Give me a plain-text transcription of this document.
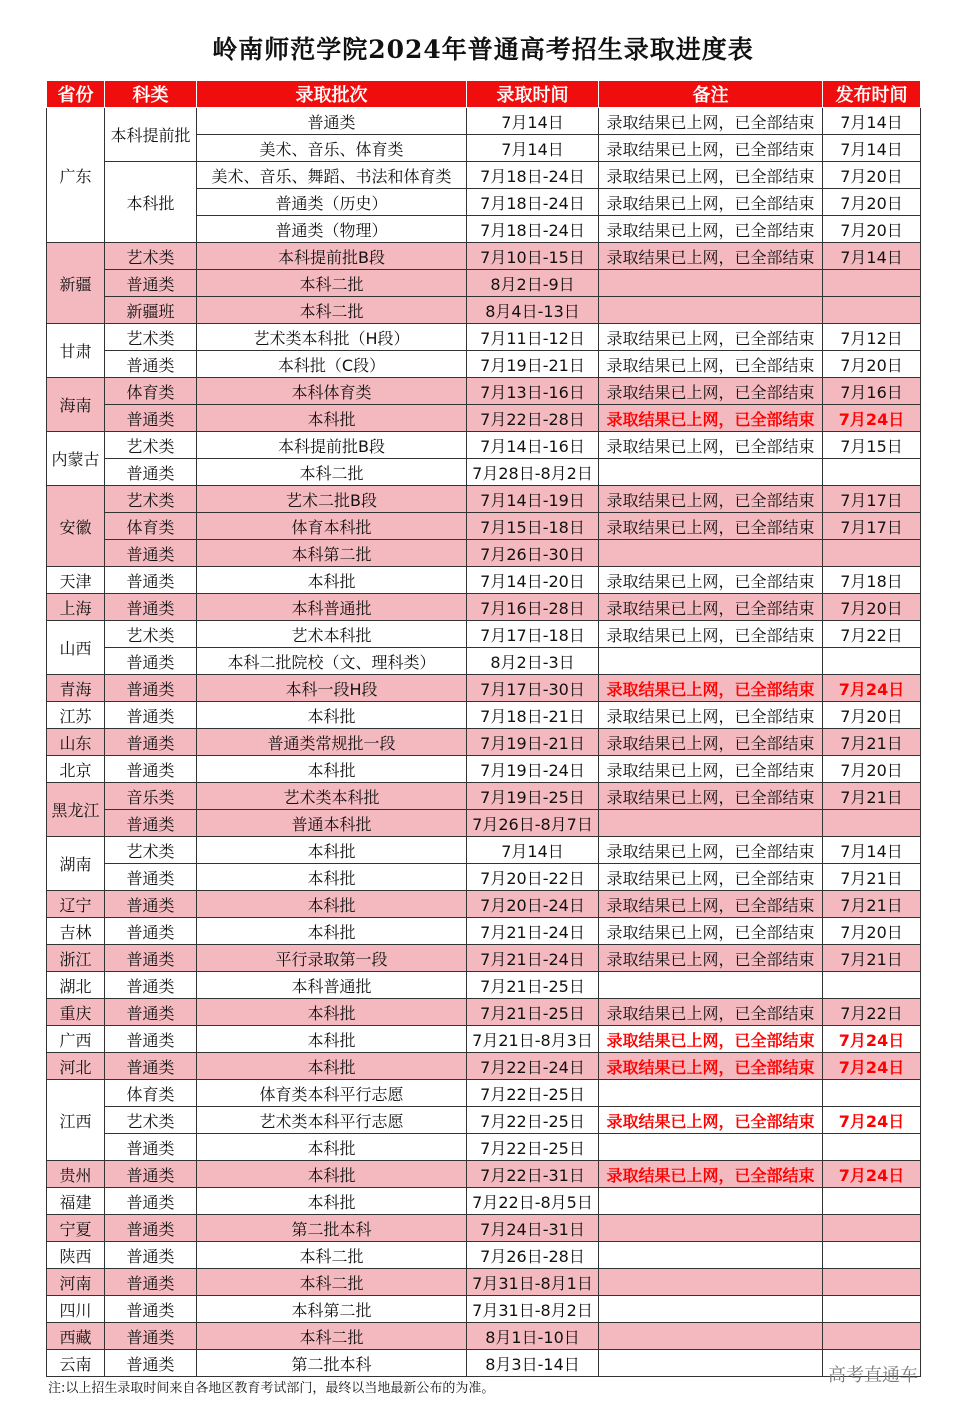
岭南师范学院2024年普通高考招生录取进度表
省份	科类	录取批次	录取时间	备注	发布时间
广东	本科提前批	普通类	7月14日	录取结果已上网，已全部结束	7月14日
		美术、音乐、体育类	7月14日	录取结果已上网，已全部结束	7月14日
	本科批	美术、音乐、舞蹈、书法和体育类	7月18日-24日	录取结果已上网，已全部结束	7月20日
		普通类（历史）	7月18日-24日	录取结果已上网，已全部结束	7月20日
		普通类（物理）	7月18日-24日	录取结果已上网，已全部结束	7月20日
新疆	艺术类	本科提前批B段	7月10日-15日	录取结果已上网，已全部结束	7月14日
	普通类	本科二批	8月2日-9日		
	新疆班	本科二批	8月4日-13日		
甘肃	艺术类	艺术类本科批（H段）	7月11日-12日	录取结果已上网，已全部结束	7月12日
	普通类	本科批（C段）	7月19日-21日	录取结果已上网，已全部结束	7月20日
海南	体育类	本科体育类	7月13日-16日	录取结果已上网，已全部结束	7月16日
	普通类	本科批	7月22日-28日	录取结果已上网，已全部结束	7月24日
内蒙古	艺术类	本科提前批B段	7月14日-16日	录取结果已上网，已全部结束	7月15日
	普通类	本科二批	7月28日-8月2日		
安徽	艺术类	艺术二批B段	7月14日-19日	录取结果已上网，已全部结束	7月17日
	体育类	体育本科批	7月15日-18日	录取结果已上网，已全部结束	7月17日
	普通类	本科第二批	7月26日-30日		
天津	普通类	本科批	7月14日-20日	录取结果已上网，已全部结束	7月18日
上海	普通类	本科普通批	7月16日-28日	录取结果已上网，已全部结束	7月20日
山西	艺术类	艺术本科批	7月17日-18日	录取结果已上网，已全部结束	7月22日
	普通类	本科二批院校（文、理科类）	8月2日-3日		
青海	普通类	本科一段H段	7月17日-30日	录取结果已上网，已全部结束	7月24日
江苏	普通类	本科批	7月18日-21日	录取结果已上网，已全部结束	7月20日
山东	普通类	普通类常规批一段	7月19日-21日	录取结果已上网，已全部结束	7月21日
北京	普通类	本科批	7月19日-24日	录取结果已上网，已全部结束	7月20日
黑龙江	音乐类	艺术类本科批	7月19日-25日	录取结果已上网，已全部结束	7月21日
	普通类	普通本科批	7月26日-8月7日		
湖南	艺术类	本科批	7月14日	录取结果已上网，已全部结束	7月14日
	普通类	本科批	7月20日-22日	录取结果已上网，已全部结束	7月21日
辽宁	普通类	本科批	7月20日-24日	录取结果已上网，已全部结束	7月21日
吉林	普通类	本科批	7月21日-24日	录取结果已上网，已全部结束	7月20日
浙江	普通类	平行录取第一段	7月21日-24日	录取结果已上网，已全部结束	7月21日
湖北	普通类	本科普通批	7月21日-25日		
重庆	普通类	本科批	7月21日-25日	录取结果已上网，已全部结束	7月22日
广西	普通类	本科批	7月21日-8月3日	录取结果已上网，已全部结束	7月24日
河北	普通类	本科批	7月22日-24日	录取结果已上网，已全部结束	7月24日
江西	体育类	体育类本科平行志愿	7月22日-25日		
	艺术类	艺术类本科平行志愿	7月22日-25日	录取结果已上网，已全部结束	7月24日
	普通类	本科批	7月22日-25日		
贵州	普通类	本科批	7月22日-31日	录取结果已上网，已全部结束	7月24日
福建	普通类	本科批	7月22日-8月5日		
宁夏	普通类	第二批本科	7月24日-31日		
陕西	普通类	本科二批	7月26日-28日		
河南	普通类	本科二批	7月31日-8月1日		
四川	普通类	本科第二批	7月31日-8月2日		
西藏	普通类	本科二批	8月1日-10日		
云南	普通类	第二批本科	8月3日-14日		
注:以上招生录取时间来自各地区教育考试部门，最终以当地最新公布的为准。
高考直通车
